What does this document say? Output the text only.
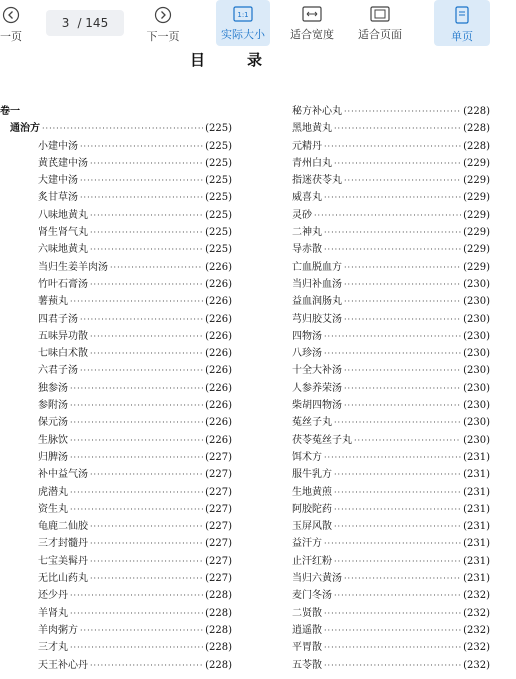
一页
3 / 145
下一页
1:1
实际大小 适合宽度 适合页面	单页
目录
卷一
通治方 ·····	(225)
小建中汤 ·····	(225)
黄芪建中汤 ·····	(225)
大建中汤 ·····	(225)
炙甘草汤 ·····	(225)
八味地黄丸 ·····	(225)
肾生肾气丸 ·····	(225)
六味地黄丸 ·····	(225)
当归生姜羊肉汤 ·····	(226)
竹叶石膏汤 ·····	(226)
薯蓣丸 ·····	(226)
四君子汤 ·····	(226)
五味异功散 ·····	(226)
七味白术散 ·····	(226)
六君子汤 ·····	(226)
独参汤 ·····	(226)
参附汤 ·····	(226)
保元汤 ·····	(226)
生脉饮 ·····	(226)
归脾汤 ·····	(227)
补中益气汤 ·····	(227)
虎潜丸 ·····	(227)
资生丸 ·····	(227)
龟鹿二仙胶 ·····	(227)
三才封髓丹 ·····	(227)
七宝美髯丹 ·····	(227)
无比山药丸 ·····	(227)
还少丹 ·····	(228)
羊肾丸 ·····	(228)
羊肉粥方 ·····	(228)
三才丸 ·····	(228)
天王补心丹 ·····	(228)
秘方补心丸 ·····	(228)
黑地黄丸 ·····	(228)
元精丹 ·····	(228)
青州白丸 ·····	(229)
指迷茯苓丸 ·····	(229)
威喜丸 ·····	(229)
灵砂 ·····	(229)
二神丸 ·····	(229)
导赤散 ·····	(229)
亡血脱血方 ·····	(229)
当归补血汤 ·····	(230)
益血润肠丸 ·····	(230)
芎归胶艾汤 ·····	(230)
四物汤 ·····	(230)
八珍汤 ·····	(230)
十全大补汤 ·····	(230)
人参养荣汤 ·····	(230)
柴胡四物汤 ·····	(230)
菟丝子丸 ·····	(230)
茯苓菟丝子丸 ·····	(230)
饵术方 ·····	(231)
服牛乳方 ·····	(231)
生地黄煎 ·····	(231)
阿胶陀药 ·····	(231)
玉屏风散 ·····	(231)
益汗方 ·····	(231)
止汗红粉 ·····	(231)
当归六黄汤 ·····	(231)
麦门冬汤 ·····	(232)
二贤散 ·····	(232)
逍遥散 ·····	(232)
平胃散 ·····	(232)
五苓散 ·····	(232)
